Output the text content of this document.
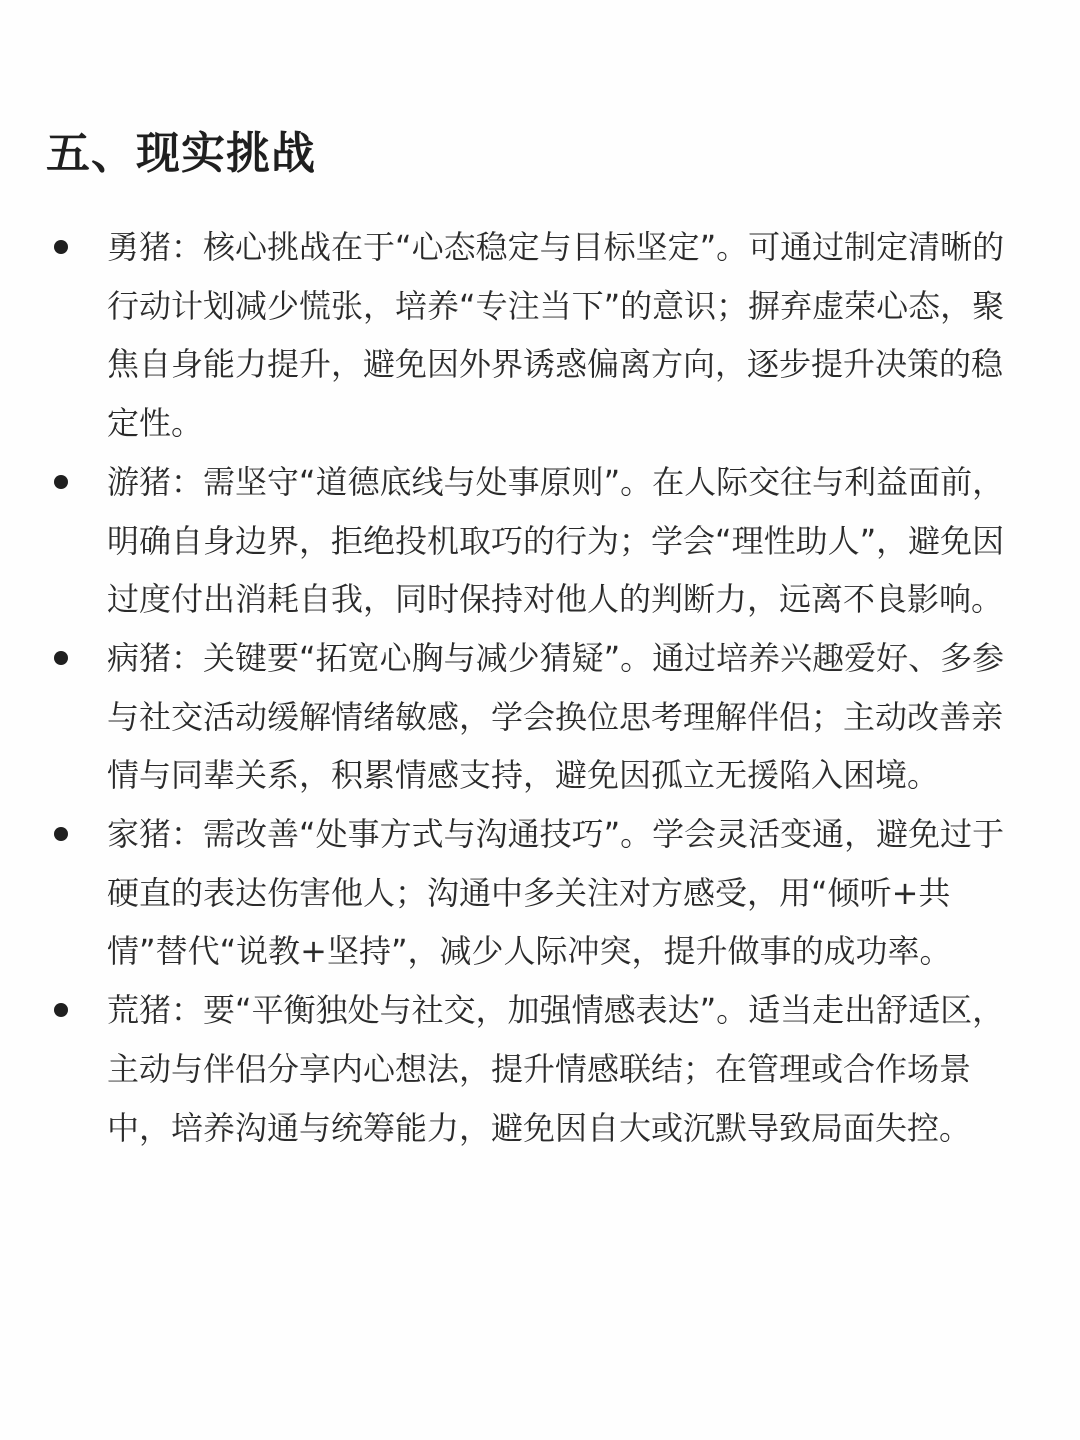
五、现实挑战
勇猪：核心挑战在于“心态稳定与目标坚定”。可通过制定清晰的行动计划减少慌张，培养“专注当下”的意识；摒弃虚荣心态，聚焦自身能力提升，避免因外界诱惑偏离方向，逐步提升决策的稳定性。
游猪：需坚守“道德底线与处事原则”。在人际交往与利益面前，明确自身边界，拒绝投机取巧的行为；学会“理性助人”，避免因过度付出消耗自我，同时保持对他人的判断力，远离不良影响。
病猪：关键要“拓宽心胸与减少猜疑”。通过培养兴趣爱好、多参与社交活动缓解情绪敏感，学会换位思考理解伴侣；主动改善亲情与同辈关系，积累情感支持，避免因孤立无援陷入困境。
家猪：需改善“处事方式与沟通技巧”。学会灵活变通，避免过于硬直的表达伤害他人；沟通中多关注对方感受，用“倾听+共情”替代“说教+坚持”，减少人际冲突，提升做事的成功率。
荒猪：要“平衡独处与社交，加强情感表达”。适当走出舒适区，主动与伴侣分享内心想法，提升情感联结；在管理或合作场景中，培养沟通与统筹能力，避免因自大或沉默导致局面失控。
